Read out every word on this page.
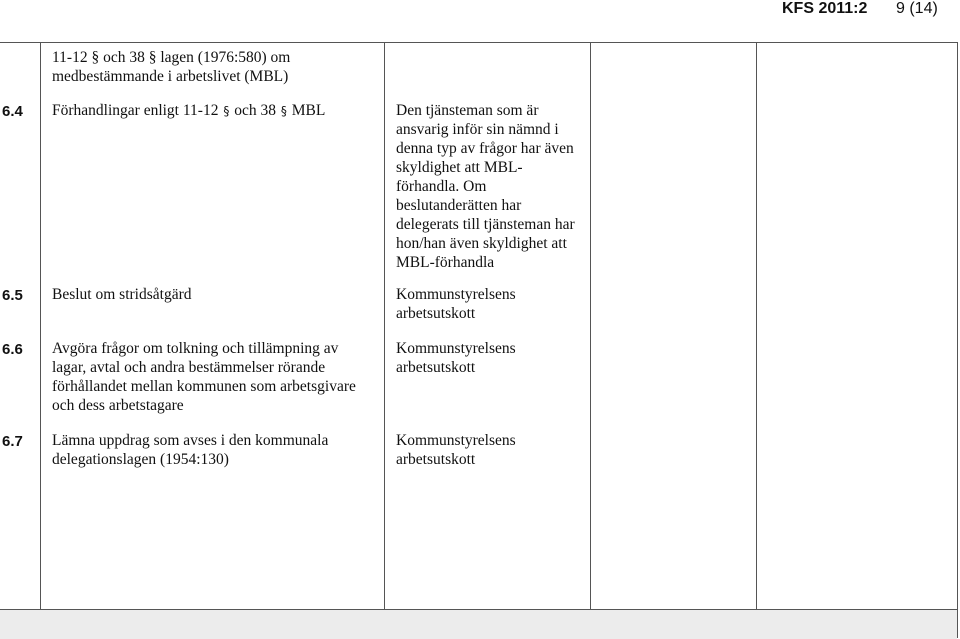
KFS 2011:2 9 (14)
11-12 § och 38 § lagen (1976:580) om
medbestämmande i arbetslivet (MBL)
6.4 Förhandlingar enligt 11-12 § och 38 § MBL	Den tjänsteman som är
ansvarig inför sin nämnd i
denna typ av frågor har även
skyldighet att MBL-
förhandla. Om
beslutanderätten har
delegerats till tjänsteman har
hon/han även skyldighet att
MBL-förhandla
6.5 Beslut om stridsåtgärd	Kommunstyrelsens
arbetsutskott
6.6 Avgöra frågor om tolkning och tillämpning av
lagar, avtal och andra bestämmelser rörande
förhållandet mellan kommunen som arbetsgivare
och dess arbetstagare
Kommunstyrelsens
arbetsutskott
6.7 Lämna uppdrag som avses i den kommunala
delegationslagen (1954:130)
Kommunstyrelsens
arbetsutskott
